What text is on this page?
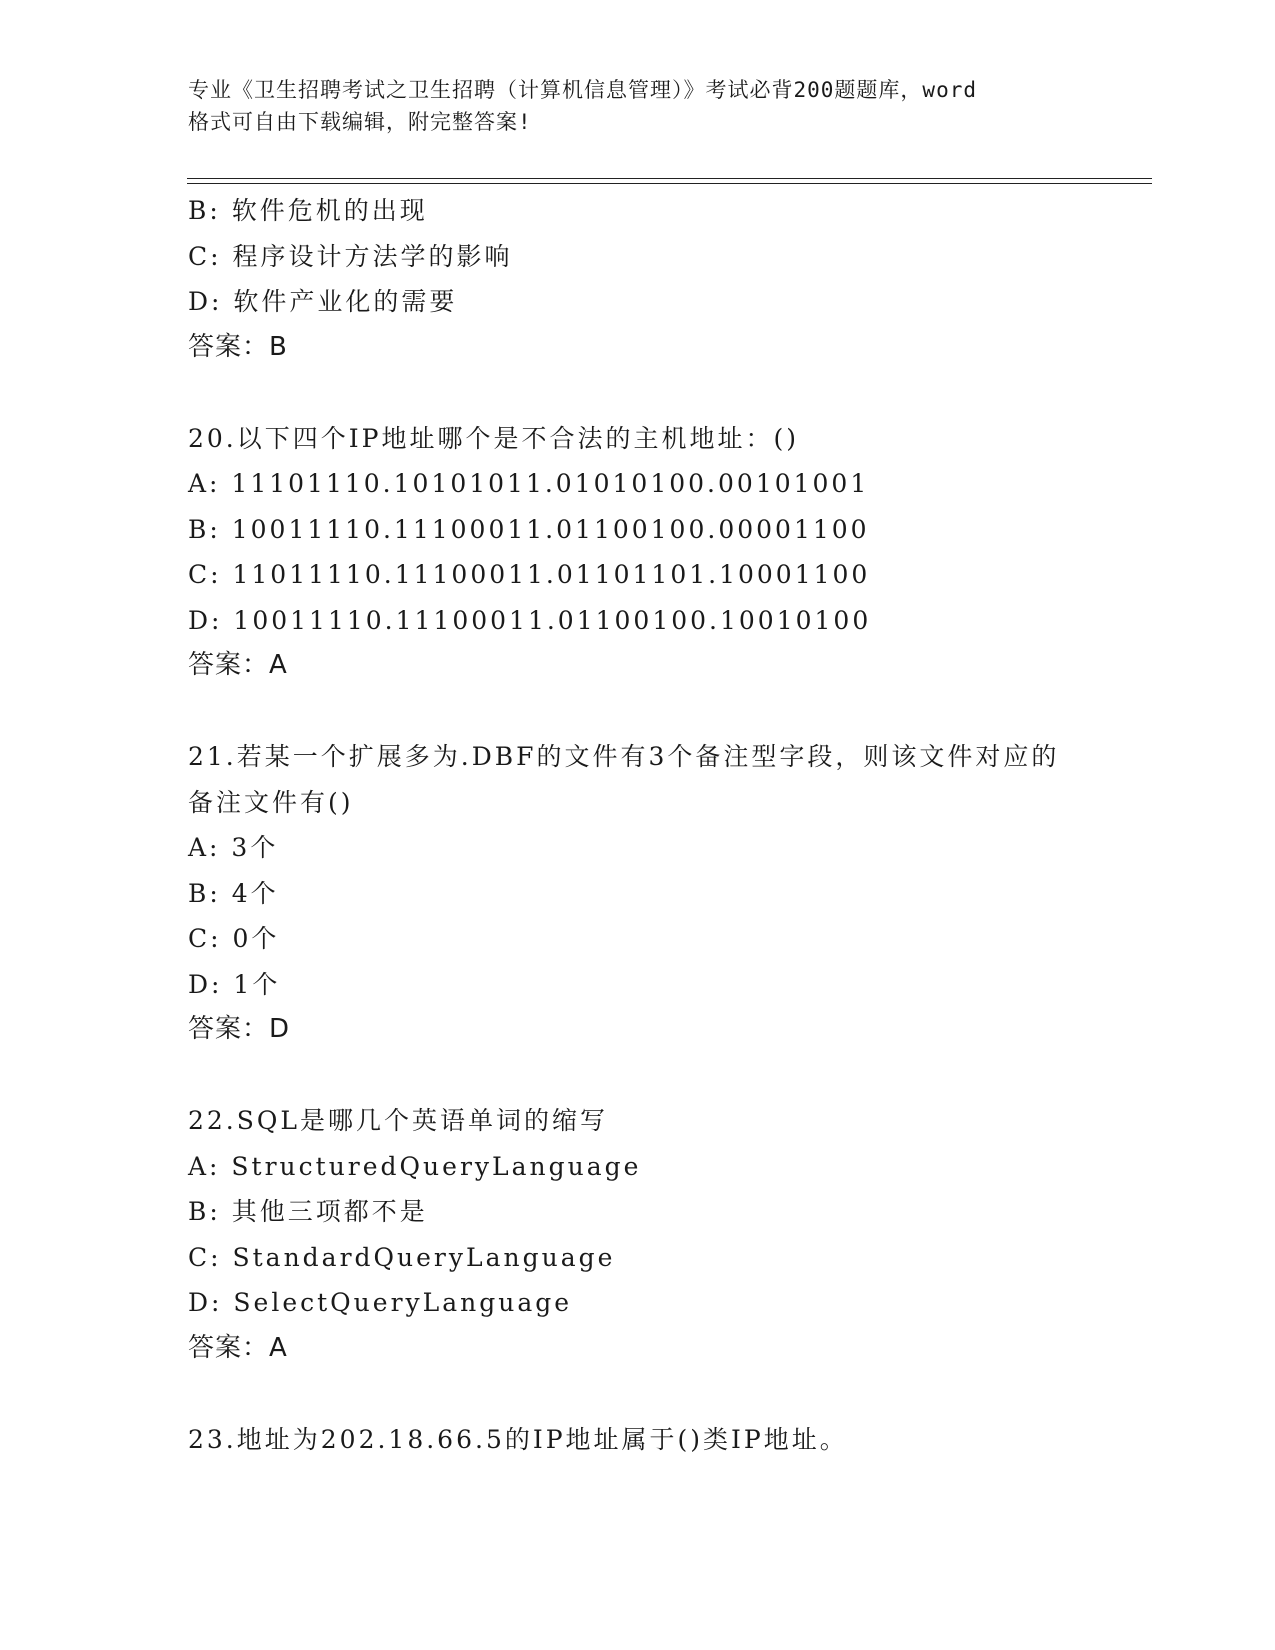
专业《卫生招聘考试之卫生招聘（计算机信息管理）》考试必背200题题库，word
格式可自由下载编辑，附完整答案!
B: 软件危机的出现
C: 程序设计方法学的影响
D: 软件产业化的需要
答案：B
20.以下四个IP地址哪个是不合法的主机地址：()
A: 11101110.10101011.01010100.00101001
B: 10011110.11100011.01100100.00001100
C: 11011110.11100011.01101101.10001100
D: 10011110.11100011.01100100.10010100
答案：A
21.若某一个扩展多为.DBF的文件有3个备注型字段，则该文件对应的
备注文件有()
A: 3个
B: 4个
C: 0个
D: 1个
答案：D
22.SQL是哪几个英语单词的缩写
A: StructuredQueryLanguage
B: 其他三项都不是
C: StandardQueryLanguage
D: SelectQueryLanguage
答案：A
23.地址为202.18.66.5的IP地址属于()类IP地址。
